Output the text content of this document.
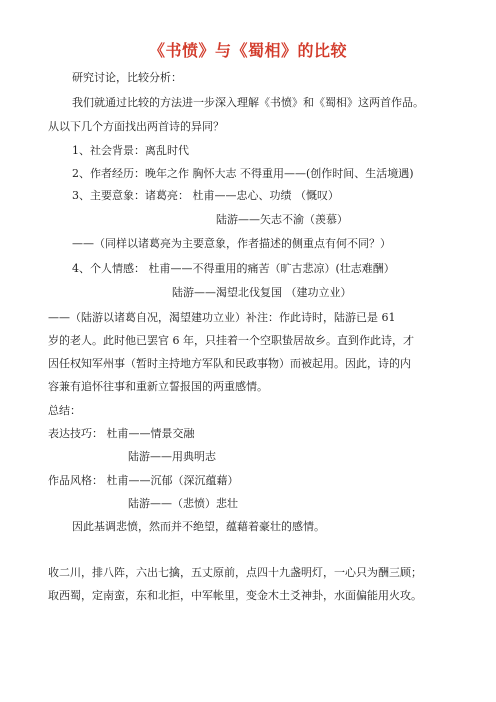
《书愤》与《蜀相》的比较
研究讨论，比较分析：
我们就通过比较的方法进一步深入理解《书愤》和《蜀相》这两首作品。
从以下几个方面找出两首诗的异同？
1、社会背景：离乱时代
2、作者经历：晚年之作 胸怀大志 不得重用——(创作时间、生活境遇)
3、主要意象：诸葛亮： 杜甫——忠心、功绩 （慨叹）
陆游——矢志不渝（羡慕）
——（同样以诸葛亮为主要意象，作者描述的侧重点有何不同？）
4、个人情感： 杜甫——不得重用的痛苦（旷古悲凉）(壮志难酬）
陆游——渴望北伐复国 （建功立业）
——（陆游以诸葛自况，渴望建功立业）补注：作此诗时，陆游已是 61
岁的老人。此时他已罢官 6 年，只挂着一个空职蛰居故乡。直到作此诗，才
因任权知军州事（暂时主持地方军队和民政事物）而被起用。因此，诗的内
容兼有追怀往事和重新立誓报国的两重感情。
总结：
表达技巧： 杜甫——情景交融
陆游——用典明志
作品风格： 杜甫——沉郁（深沉蕴藉）
陆游——（悲愤）悲壮
因此基调悲愤，然而并不绝望，蕴藉着豪壮的感情。
收二川，排八阵，六出七擒，五丈原前，点四十九盏明灯，一心只为酬三顾；
取西蜀，定南蛮，东和北拒，中军帐里，变金木土爻神卦，水面偏能用火攻。
